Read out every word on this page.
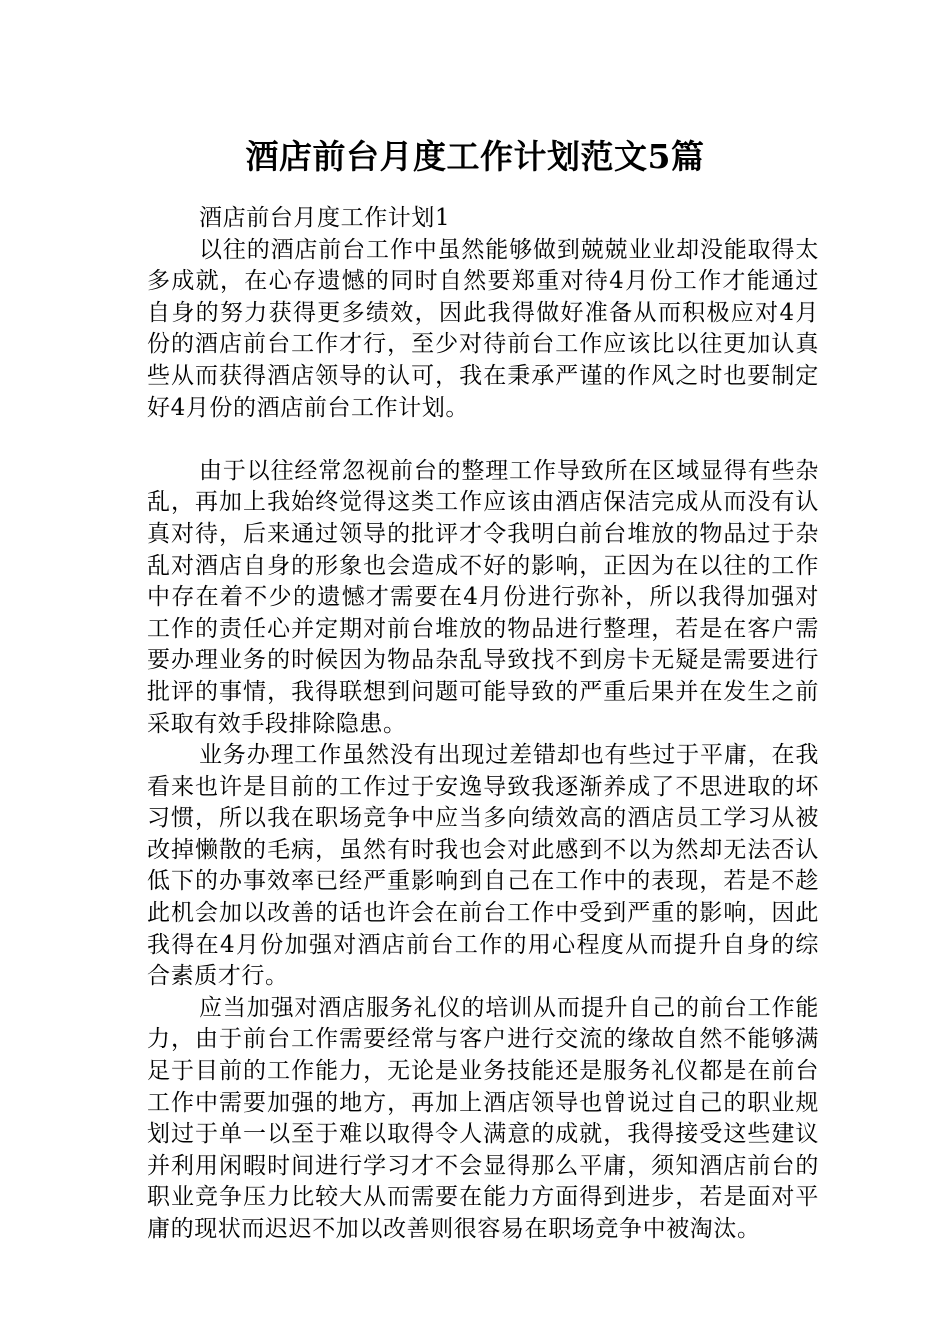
酒店前台月度工作计划范文5篇

酒店前台月度工作计划1

以往的酒店前台工作中虽然能够做到兢兢业业却没能取得太多成就，在心存遗憾的同时自然要郑重对待4月份工作才能通过自身的努力获得更多绩效，因此我得做好准备从而积极应对4月份的酒店前台工作才行，至少对待前台工作应该比以往更加认真些从而获得酒店领导的认可，我在秉承严谨的作风之时也要制定好4月份的酒店前台工作计划。

由于以往经常忽视前台的整理工作导致所在区域显得有些杂乱，再加上我始终觉得这类工作应该由酒店保洁完成从而没有认真对待，后来通过领导的批评才令我明白前台堆放的物品过于杂乱对酒店自身的形象也会造成不好的影响，正因为在以往的工作中存在着不少的遗憾才需要在4月份进行弥补，所以我得加强对工作的责任心并定期对前台堆放的物品进行整理，若是在客户需要办理业务的时候因为物品杂乱导致找不到房卡无疑是需要进行批评的事情，我得联想到问题可能导致的严重后果并在发生之前采取有效手段排除隐患。

业务办理工作虽然没有出现过差错却也有些过于平庸，在我看来也许是目前的工作过于安逸导致我逐渐养成了不思进取的坏习惯，所以我在职场竞争中应当多向绩效高的酒店员工学习从被改掉懒散的毛病，虽然有时我也会对此感到不以为然却无法否认低下的办事效率已经严重影响到自己在工作中的表现，若是不趁此机会加以改善的话也许会在前台工作中受到严重的影响，因此我得在4月份加强对酒店前台工作的用心程度从而提升自身的综合素质才行。

应当加强对酒店服务礼仪的培训从而提升自己的前台工作能力，由于前台工作需要经常与客户进行交流的缘故自然不能够满足于目前的工作能力，无论是业务技能还是服务礼仪都是在前台工作中需要加强的地方，再加上酒店领导也曾说过自己的职业规划过于单一以至于难以取得令人满意的成就，我得接受这些建议并利用闲暇时间进行学习才不会显得那么平庸，须知酒店前台的职业竞争压力比较大从而需要在能力方面得到进步，若是面对平庸的现状而迟迟不加以改善则很容易在职场竞争中被淘汰。
